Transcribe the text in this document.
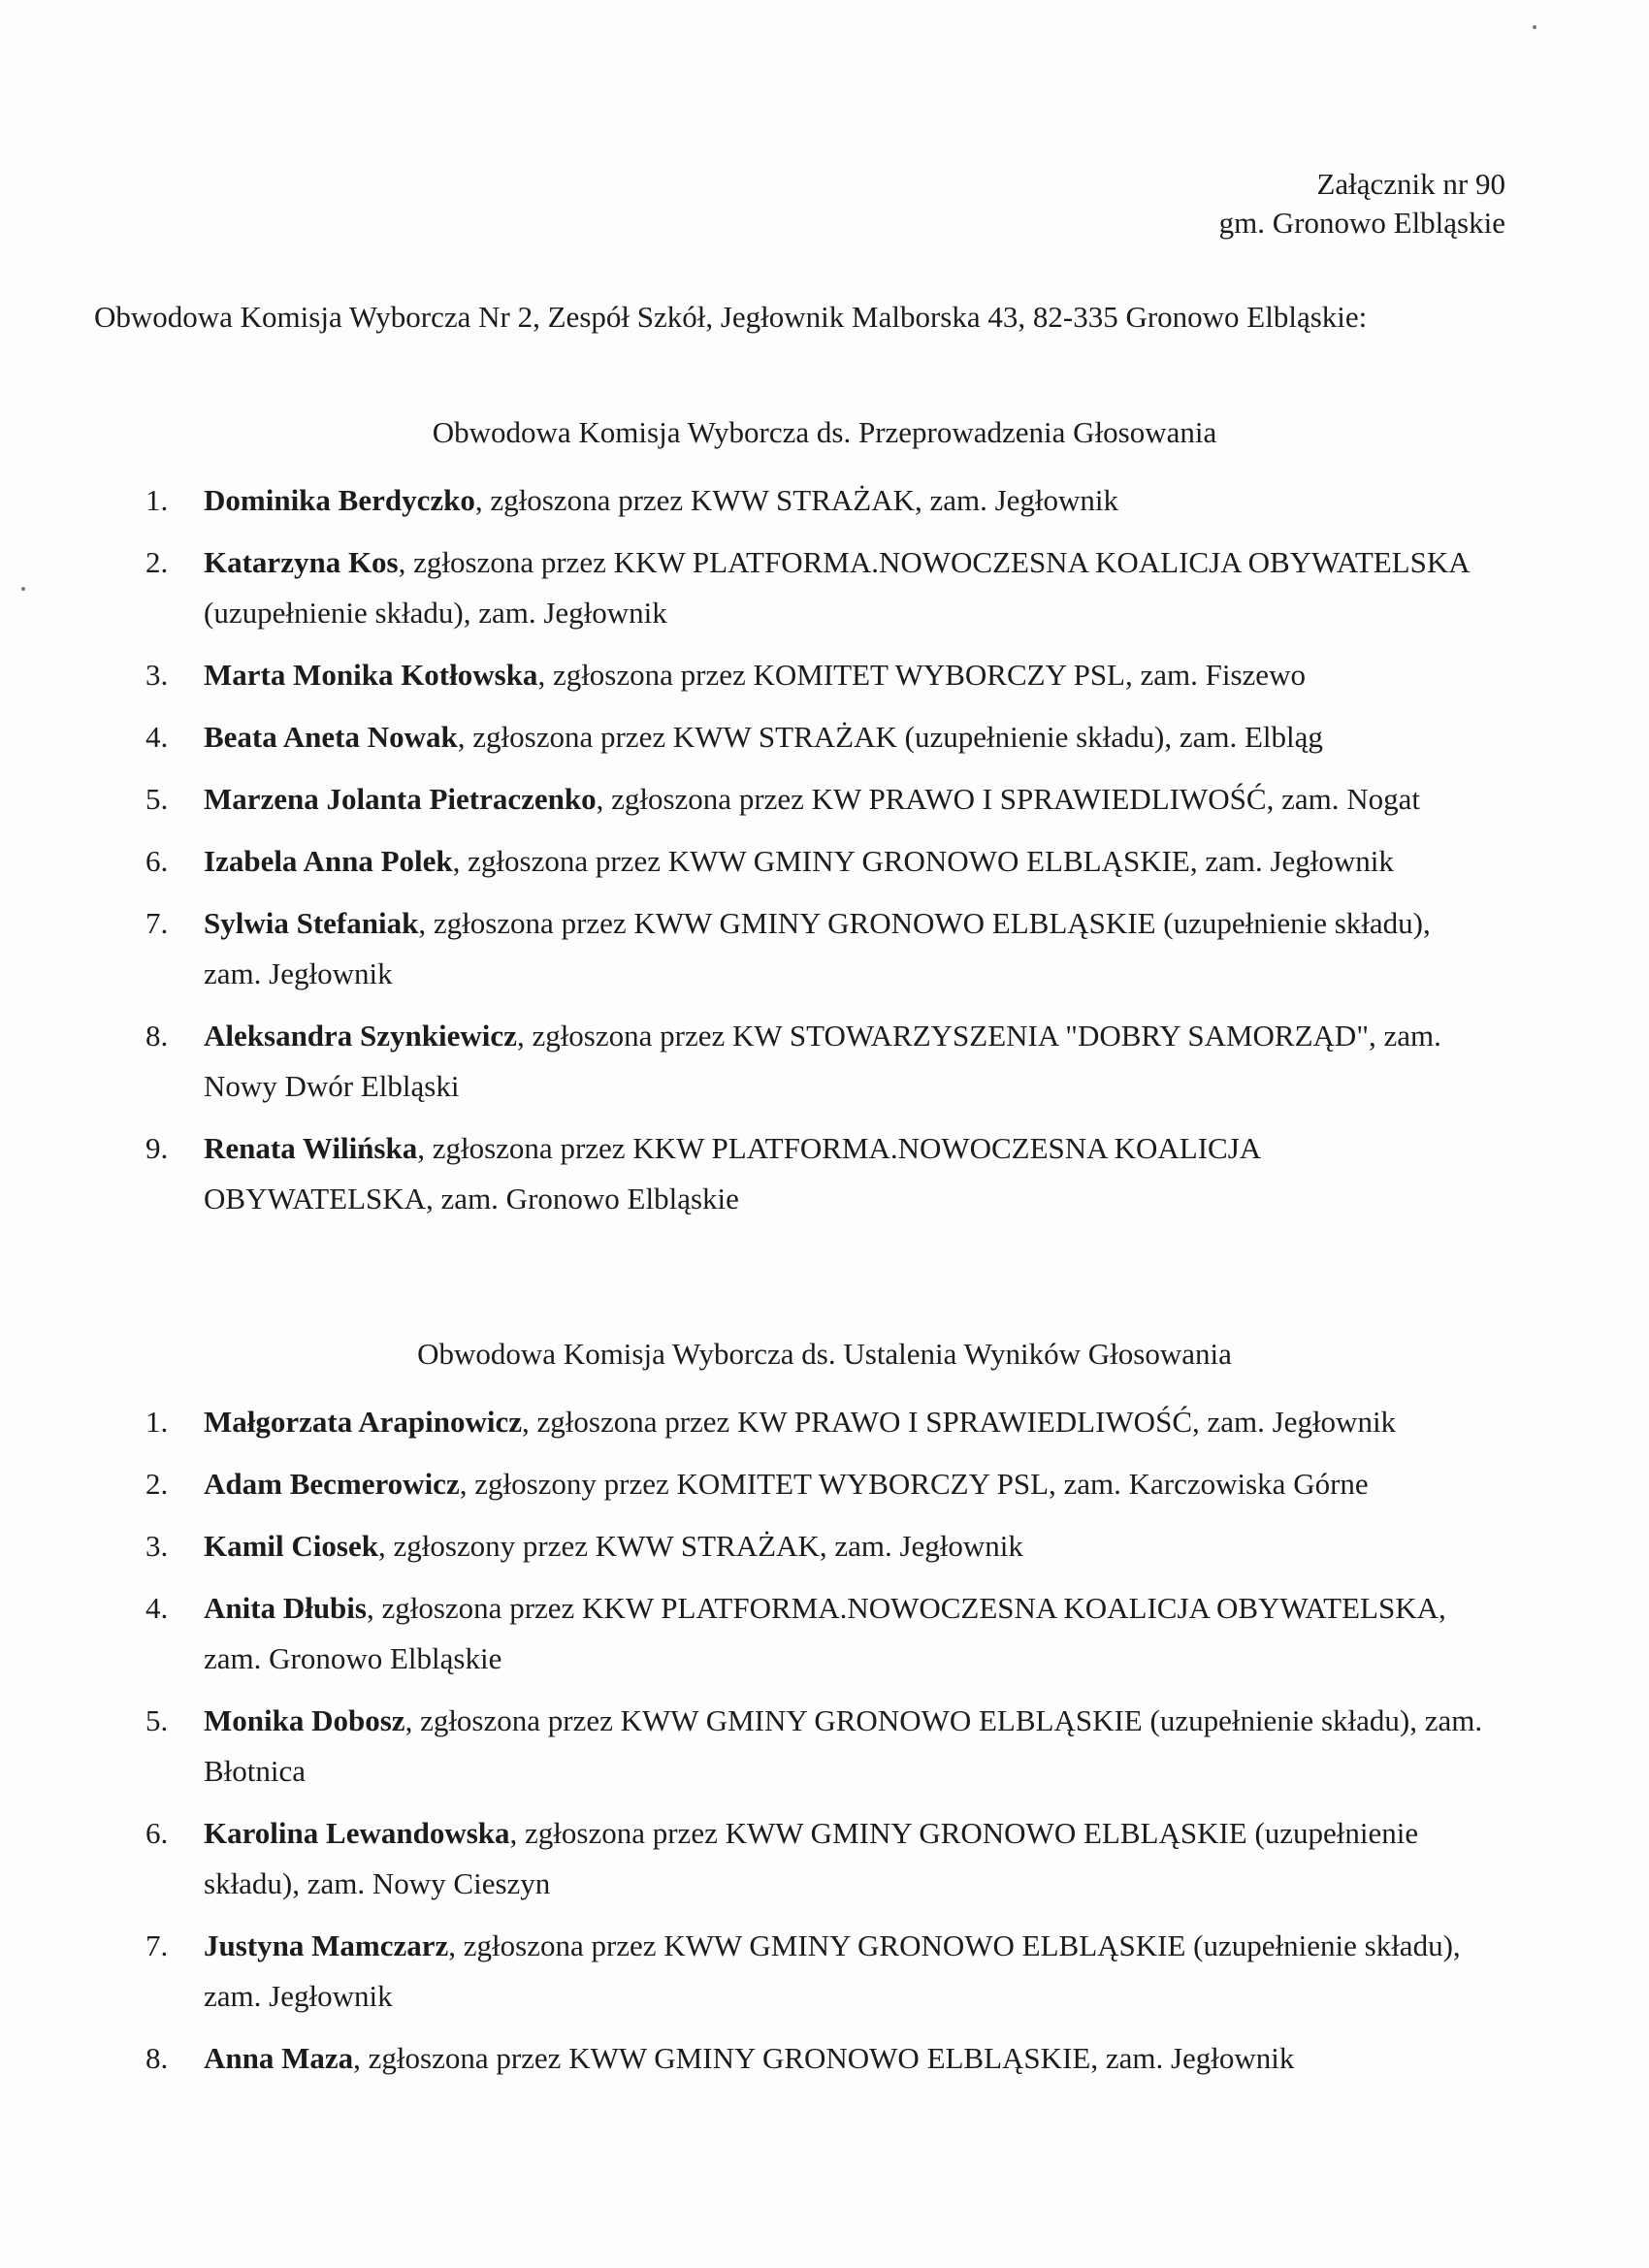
Załącznik nr 90
gm. Gronowo Elbląskie
Obwodowa Komisja Wyborcza Nr 2, Zespół Szkół, Jegłownik Malborska 43, 82-335 Gronowo Elbląskie:
Obwodowa Komisja Wyborcza ds. Przeprowadzenia Głosowania
1.	Dominika Berdyczko, zgłoszona przez KWW STRAŻAK, zam. Jegłownik
2.	Katarzyna Kos, zgłoszona przez KKW PLATFORMA.NOWOCZESNA KOALICJA OBYWATELSKA (uzupełnienie składu), zam. Jegłownik
3.	Marta Monika Kotłowska, zgłoszona przez KOMITET WYBORCZY PSL, zam. Fiszewo
4.	Beata Aneta Nowak, zgłoszona przez KWW STRAŻAK (uzupełnienie składu), zam. Elbląg
5.	Marzena Jolanta Pietraczenko, zgłoszona przez KW PRAWO I SPRAWIEDLIWOŚĆ, zam. Nogat
6.	Izabela Anna Polek, zgłoszona przez KWW GMINY GRONOWO ELBLĄSKIE, zam. Jegłownik
7.	Sylwia Stefaniak, zgłoszona przez KWW GMINY GRONOWO ELBLĄSKIE (uzupełnienie składu), zam. Jegłownik
8.	Aleksandra Szynkiewicz, zgłoszona przez KW STOWARZYSZENIA "DOBRY SAMORZĄD", zam. Nowy Dwór Elbląski
9.	Renata Wilińska, zgłoszona przez KKW PLATFORMA.NOWOCZESNA KOALICJA OBYWATELSKA, zam. Gronowo Elbląskie
Obwodowa Komisja Wyborcza ds. Ustalenia Wyników Głosowania
1.	Małgorzata Arapinowicz, zgłoszona przez KW PRAWO I SPRAWIEDLIWOŚĆ, zam. Jegłownik
2.	Adam Becmerowicz, zgłoszony przez KOMITET WYBORCZY PSL, zam. Karczowiska Górne
3.	Kamil Ciosek, zgłoszony przez KWW STRAŻAK, zam. Jegłownik
4.	Anita Dłubis, zgłoszona przez KKW PLATFORMA.NOWOCZESNA KOALICJA OBYWATELSKA, zam. Gronowo Elbląskie
5.	Monika Dobosz, zgłoszona przez KWW GMINY GRONOWO ELBLĄSKIE (uzupełnienie składu), zam. Błotnica
6.	Karolina Lewandowska, zgłoszona przez KWW GMINY GRONOWO ELBLĄSKIE (uzupełnienie składu), zam. Nowy Cieszyn
7.	Justyna Mamczarz, zgłoszona przez KWW GMINY GRONOWO ELBLĄSKIE (uzupełnienie składu), zam. Jegłownik
8.	Anna Maza, zgłoszona przez KWW GMINY GRONOWO ELBLĄSKIE, zam. Jegłownik
